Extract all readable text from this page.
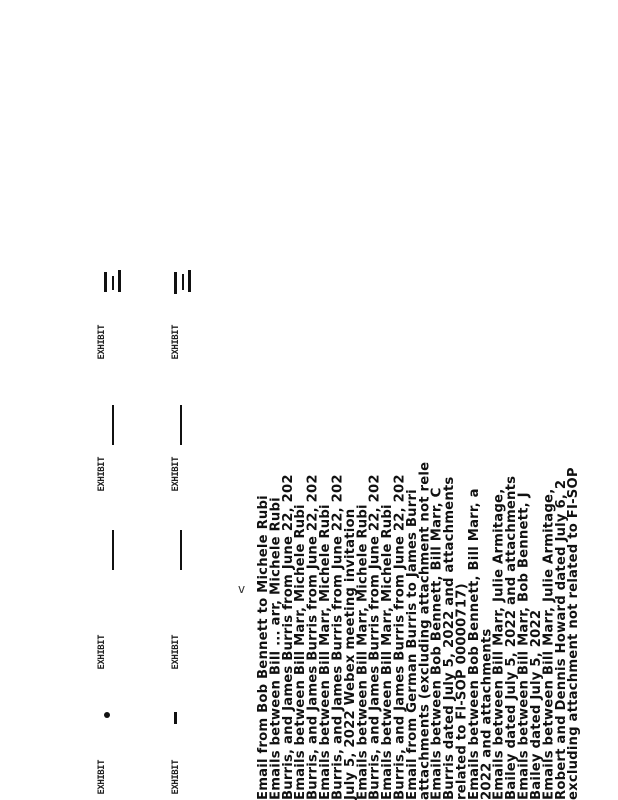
Email from Bob Bennett to Michele Rubi
Emails between Bill ... arr, Michele Rubi
Burris, and James Burris from June 22, 202
Emails between Bill Marr, Michele Rubi
Burris, and James Burris from June 22, 202
Emails between Bill Marr, Michele Rubi
Burris, and James Burris from June 22, 202
July 5, 2022 Webex meeting invitation
Emails between Bill Marr, Michele Rubi
Burris, and James Burris from June 22, 202
Emails between Bill Marr, Michele Rubi
Burris, and James Burris from June 22, 202
Email from German Burris to James Burri
attachments (excluding attachment not rele
Emails between Bob Bennett, Bill Marr, C
Burris dated July 5, 2022 and attachments
related to Fl-SOP 00000717)
Emails between Bob Bennett, Bill Marr, a
2022 and attachments
Emails between Bill Marr, Julie Armitage,
Bailey dated July 5, 2022 and attachments
Emails between Bill Marr, Bob Bennett, J
Bailey dated July 5, 2022
Emails between Bill Marr, Julie Armitage,
Robert and Dennis Howard dated July 6, 2
excluding attachment not related to FI-SOP
EXHIBIT
EXHIBIT
EXHIBIT
EXHIBIT
EXHIBIT
EXHIBIT
EXHIBIT
EXHIBIT
v
